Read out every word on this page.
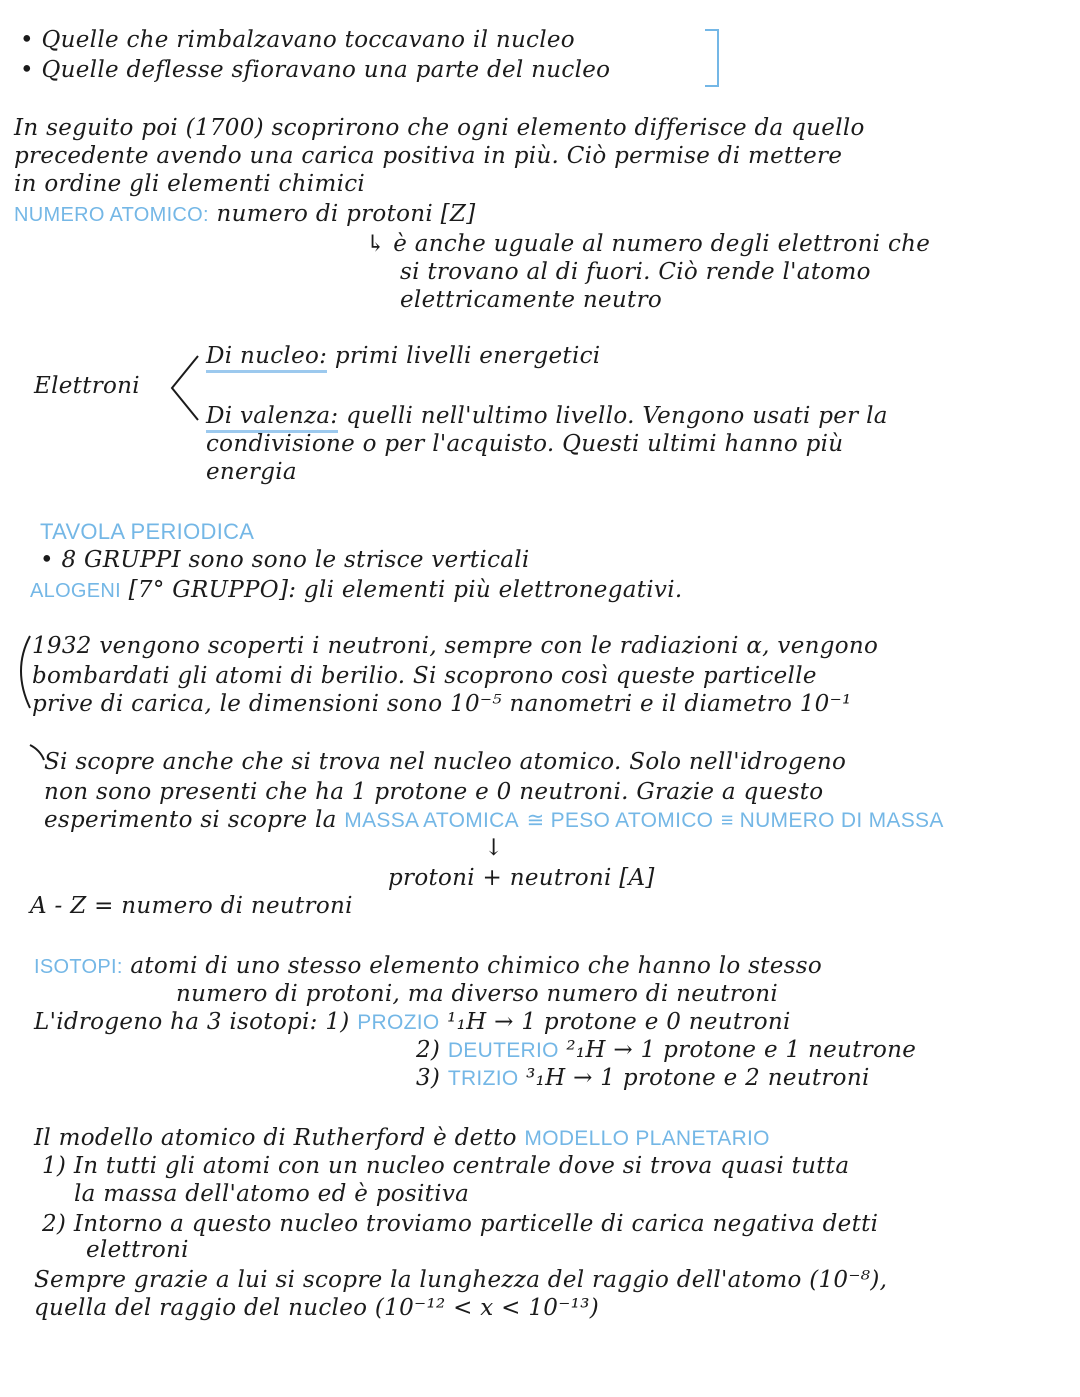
• Quelle che rimbalzavano toccavano il nucleo
• Quelle deflesse sfioravano una parte del nucleo
In seguito poi (1700) scoprirono che ogni elemento differisce da quello
precedente avendo una carica positiva in più. Ciò permise di mettere
in ordine gli elementi chimici
NUMERO ATOMICO: numero di protoni [Z]
↳ è anche uguale al numero degli elettroni che
si trovano al di fuori. Ciò rende l'atomo
elettricamente neutro
Elettroni
Di nucleo: primi livelli energetici
Di valenza: quelli nell'ultimo livello. Vengono usati per la
condivisione o per l'acquisto. Questi ultimi hanno più
energia
TAVOLA PERIODICA
• 8 GRUPPI sono sono le strisce verticali
ALOGENI [7° GRUPPO]: gli elementi più elettronegativi.
1932 vengono scoperti i neutroni, sempre con le radiazioni α, vengono
bombardati gli atomi di berilio. Si scoprono così queste particelle
prive di carica, le dimensioni sono 10⁻⁵ nanometri e il diametro 10⁻¹
Si scopre anche che si trova nel nucleo atomico. Solo nell'idrogeno
non sono presenti che ha 1 protone e 0 neutroni. Grazie a questo
esperimento si scopre la MASSA ATOMICA ≅ PESO ATOMICO ≡ NUMERO DI MASSA
↓
protoni + neutroni [A]
A - Z = numero di neutroni
ISOTOPI: atomi di uno stesso elemento chimico che hanno lo stesso
numero di protoni, ma diverso numero di neutroni
L'idrogeno ha 3 isotopi: 1) PROZIO ¹₁H → 1 protone e 0 neutroni
2) DEUTERIO ²₁H → 1 protone e 1 neutrone
3) TRIZIO ³₁H → 1 protone e 2 neutroni
Il modello atomico di Rutherford è detto MODELLO PLANETARIO
1) In tutti gli atomi con un nucleo centrale dove si trova quasi tutta
la massa dell'atomo ed è positiva
2) Intorno a questo nucleo troviamo particelle di carica negativa detti
elettroni
Sempre grazie a lui si scopre la lunghezza del raggio dell'atomo (10⁻⁸),
quella del raggio del nucleo (10⁻¹² < x < 10⁻¹³)
